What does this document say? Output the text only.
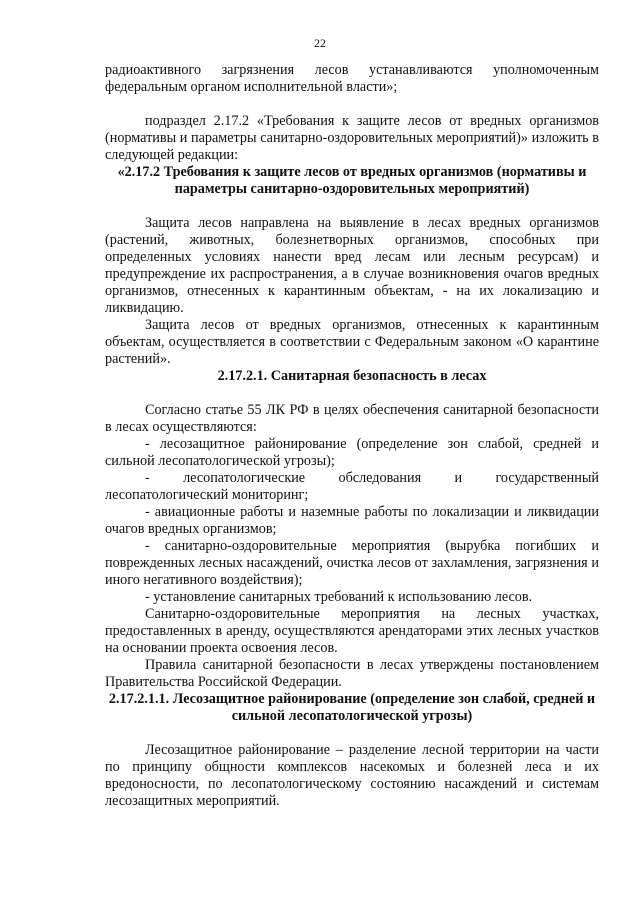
22

радиоактивного загрязнения лесов устанавливаются уполномоченным федеральным органом исполнительной власти»;

подраздел 2.17.2 «Требования к защите лесов от вредных организмов (нормативы и параметры санитарно-оздоровительных мероприятий)» изложить в следующей редакции:

«2.17.2 Требования к защите лесов от вредных организмов (нормативы и параметры санитарно-оздоровительных мероприятий)

Защита лесов направлена на выявление в лесах вредных организмов (растений, животных, болезнетворных организмов, способных при определенных условиях нанести вред лесам или лесным ресурсам) и предупреждение их распространения, а в случае возникновения очагов вредных организмов, отнесенных к карантинным объектам, - на их локализацию и ликвидацию.

Защита лесов от вредных организмов, отнесенных к карантинным объектам, осуществляется в соответствии с Федеральным законом «О карантине растений».

2.17.2.1. Санитарная безопасность в лесах

Согласно статье 55 ЛК РФ в целях обеспечения санитарной безопасности в лесах осуществляются:

- лесозащитное районирование (определение зон слабой, средней и сильной лесопатологической угрозы);

- лесопатологические обследования и государственный лесопатологический мониторинг;

- авиационные работы и наземные работы по локализации и ликвидации очагов вредных организмов;

- санитарно-оздоровительные мероприятия (вырубка погибших и поврежденных лесных насаждений, очистка лесов от захламления, загрязнения и иного негативного воздействия);

- установление санитарных требований к использованию лесов.

Санитарно-оздоровительные мероприятия на лесных участках, предоставленных в аренду, осуществляются арендаторами этих лесных участков на основании проекта освоения лесов.

Правила санитарной безопасности в лесах утверждены постановлением Правительства Российской Федерации.

2.17.2.1.1. Лесозащитное районирование (определение зон слабой, средней и сильной лесопатологической угрозы)

Лесозащитное районирование – разделение лесной территории на части по принципу общности комплексов насекомых и болезней леса и их вредоносности, по лесопатологическому состоянию насаждений и системам лесозащитных мероприятий.
